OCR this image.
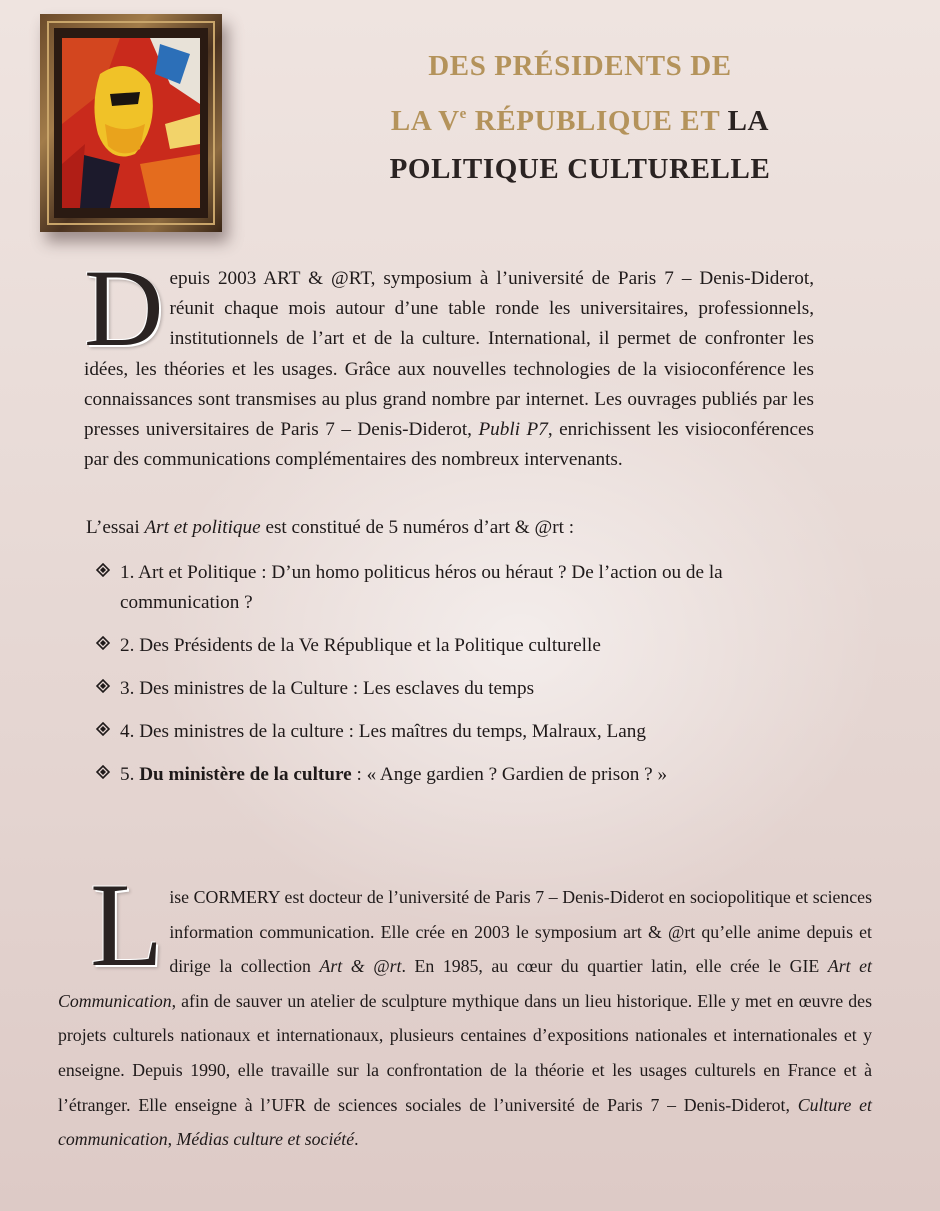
DES PRÉSIDENTS DE
LA Ve RÉPUBLIQUE ET LA
POLITIQUE CULTURELLE
Depuis 2003 ART & @RT, symposium à l’université de Paris 7 – Denis-Diderot, réunit chaque mois autour d’une table ronde les universitaires, professionnels, institutionnels de l’art et de la culture. International, il permet de confronter les idées, les théories et les usages. Grâce aux nouvelles technologies de la visioconférence les connaissances sont transmises au plus grand nombre par internet. Les ouvrages publiés par les presses universitaires de Paris 7 – Denis-Diderot, Publi P7, enrichissent les visioconférences par des communications complémentaires des nombreux intervenants.
L’essai Art et politique est constitué de 5 numéros d’art & @rt :
1. Art et Politique : D’un homo politicus héros ou héraut ? De l’action ou de la communication ?
2. Des Présidents de la Ve République et la Politique culturelle
3. Des ministres de la Culture : Les esclaves du temps
4. Des ministres de la culture : Les maîtres du temps, Malraux, Lang
5. Du ministère de la culture : « Ange gardien ? Gardien de prison ? »
Lise CORMERY est docteur de l’université de Paris 7 – Denis-Diderot en sociopolitique et sciences information communication. Elle crée en 2003 le symposium art & @rt qu’elle anime depuis et dirige la collection Art & @rt. En 1985, au cœur du quartier latin, elle crée le GIE Art et Communication, afin de sauver un atelier de sculpture mythique dans un lieu historique. Elle y met en œuvre des projets culturels nationaux et internationaux, plusieurs centaines d’expositions nationales et internationales et y enseigne. Depuis 1990, elle travaille sur la confrontation de la théorie et les usages culturels en France et à l’étranger. Elle enseigne à l’UFR de sciences sociales de l’université de Paris 7 – Denis-Diderot, Culture et communication, Médias culture et société.
